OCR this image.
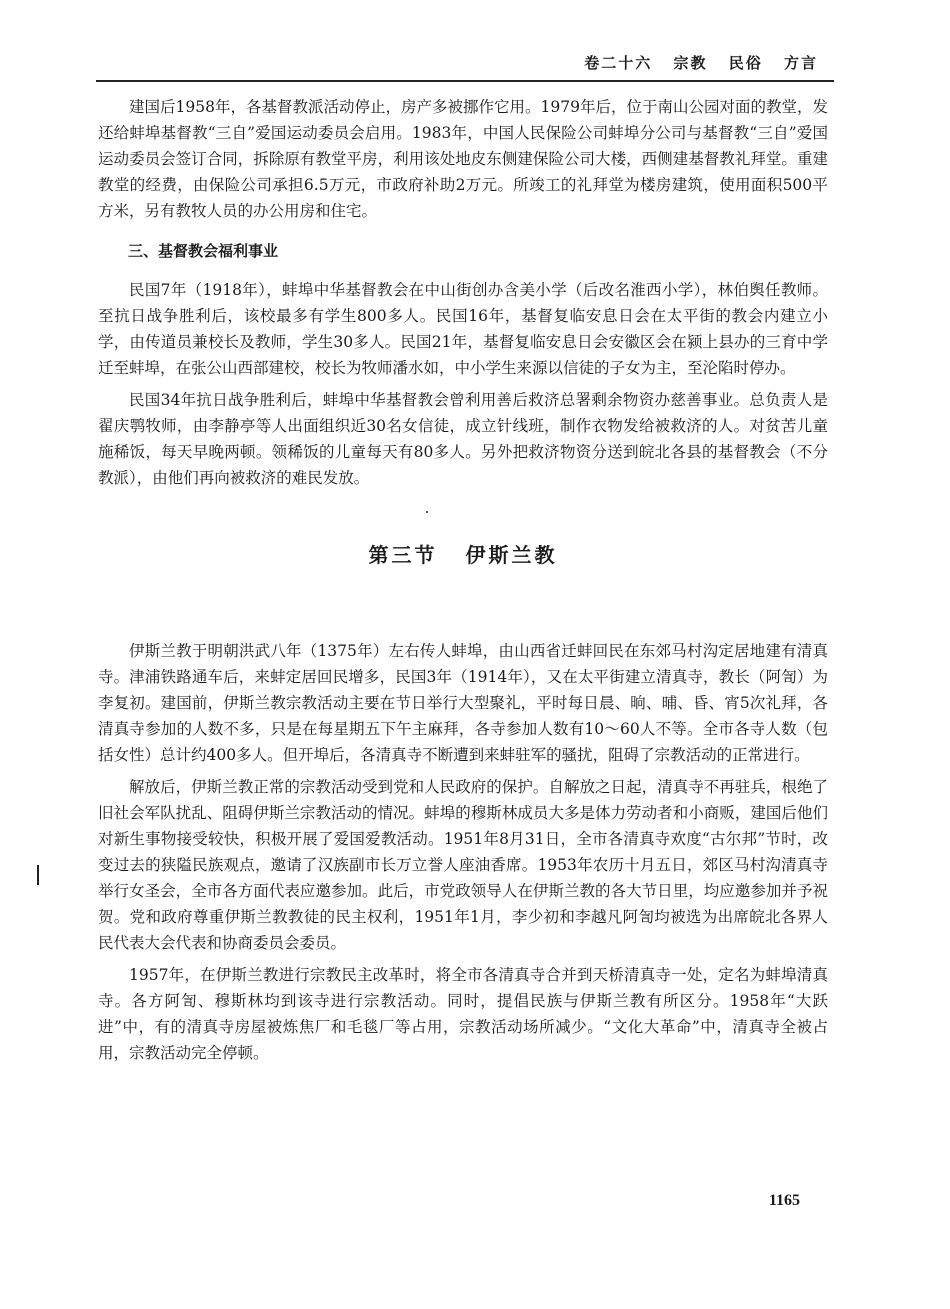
卷二十六 宗教 民俗 方言

建国后1958年，各基督教派活动停止，房产多被挪作它用。1979年后，位于南山公园对面的教堂，发还给蚌埠基督教“三自”爱国运动委员会启用。1983年，中国人民保险公司蚌埠分公司与基督教“三自”爱国运动委员会签订合同，拆除原有教堂平房，利用该处地皮东侧建保险公司大楼，西侧建基督教礼拜堂。重建教堂的经费，由保险公司承担6.5万元，市政府补助2万元。所竣工的礼拜堂为楼房建筑，使用面积500平方米，另有教牧人员的办公用房和住宅。

三、基督教会福利事业

民国7年（1918年），蚌埠中华基督教会在中山街创办含美小学（后改名淮西小学），林伯舆任教师。至抗日战争胜利后，该校最多有学生800多人。民国16年，基督复临安息日会在太平街的教会内建立小学，由传道员兼校长及教师，学生30多人。民国21年，基督复临安息日会安徽区会在颍上县办的三育中学迁至蚌埠，在张公山西部建校，校长为牧师潘水如，中小学生来源以信徒的子女为主，至沦陷时停办。

民国34年抗日战争胜利后，蚌埠中华基督教会曾利用善后救济总署剩余物资办慈善事业。总负责人是翟庆鹗牧师，由李静亭等人出面组织近30名女信徒，成立针线班，制作衣物发给被救济的人。对贫苦儿童施稀饭，每天早晚两顿。领稀饭的儿童每天有80多人。另外把救济物资分送到皖北各县的基督教会（不分教派），由他们再向被救济的难民发放。

第三节 伊斯兰教

伊斯兰教于明朝洪武八年（1375年）左右传人蚌埠，由山西省迁蚌回民在东郊马村沟定居地建有清真寺。津浦铁路通车后，来蚌定居回民增多，民国3年（1914年），又在太平街建立清真寺，教长（阿訇）为李复初。建国前，伊斯兰教宗教活动主要在节日举行大型聚礼，平时每日晨、晌、晡、昏、宵5次礼拜，各清真寺参加的人数不多，只是在每星期五下午主麻拜，各寺参加人数有10～60人不等。全市各寺人数（包括女性）总计约400多人。但开埠后，各清真寺不断遭到来蚌驻军的骚扰，阻碍了宗教活动的正常进行。

解放后，伊斯兰教正常的宗教活动受到党和人民政府的保护。自解放之日起，清真寺不再驻兵，根绝了旧社会军队扰乱、阻碍伊斯兰宗教活动的情况。蚌埠的穆斯林成员大多是体力劳动者和小商贩，建国后他们对新生事物接受较快，积极开展了爱国爱教活动。1951年8月31日，全市各清真寺欢度“古尔邦”节时，改变过去的狭隘民族观点，邀请了汉族副市长万立誉人座油香席。1953年农历十月五日，郊区马村沟清真寺举行女圣会，全市各方面代表应邀参加。此后，市党政领导人在伊斯兰教的各大节日里，均应邀参加并予祝贺。党和政府尊重伊斯兰教教徒的民主权利，1951年1月，李少初和李越凡阿訇均被选为出席皖北各界人民代表大会代表和协商委员会委员。

1957年，在伊斯兰教进行宗教民主改革时，将全市各清真寺合并到天桥清真寺一处，定名为蚌埠清真寺。各方阿訇、穆斯林均到该寺进行宗教活动。同时，提倡民族与伊斯兰教有所区分。1958年“大跃进”中，有的清真寺房屋被炼焦厂和毛毯厂等占用，宗教活动场所减少。“文化大革命”中，清真寺全被占用，宗教活动完全停顿。

1165
